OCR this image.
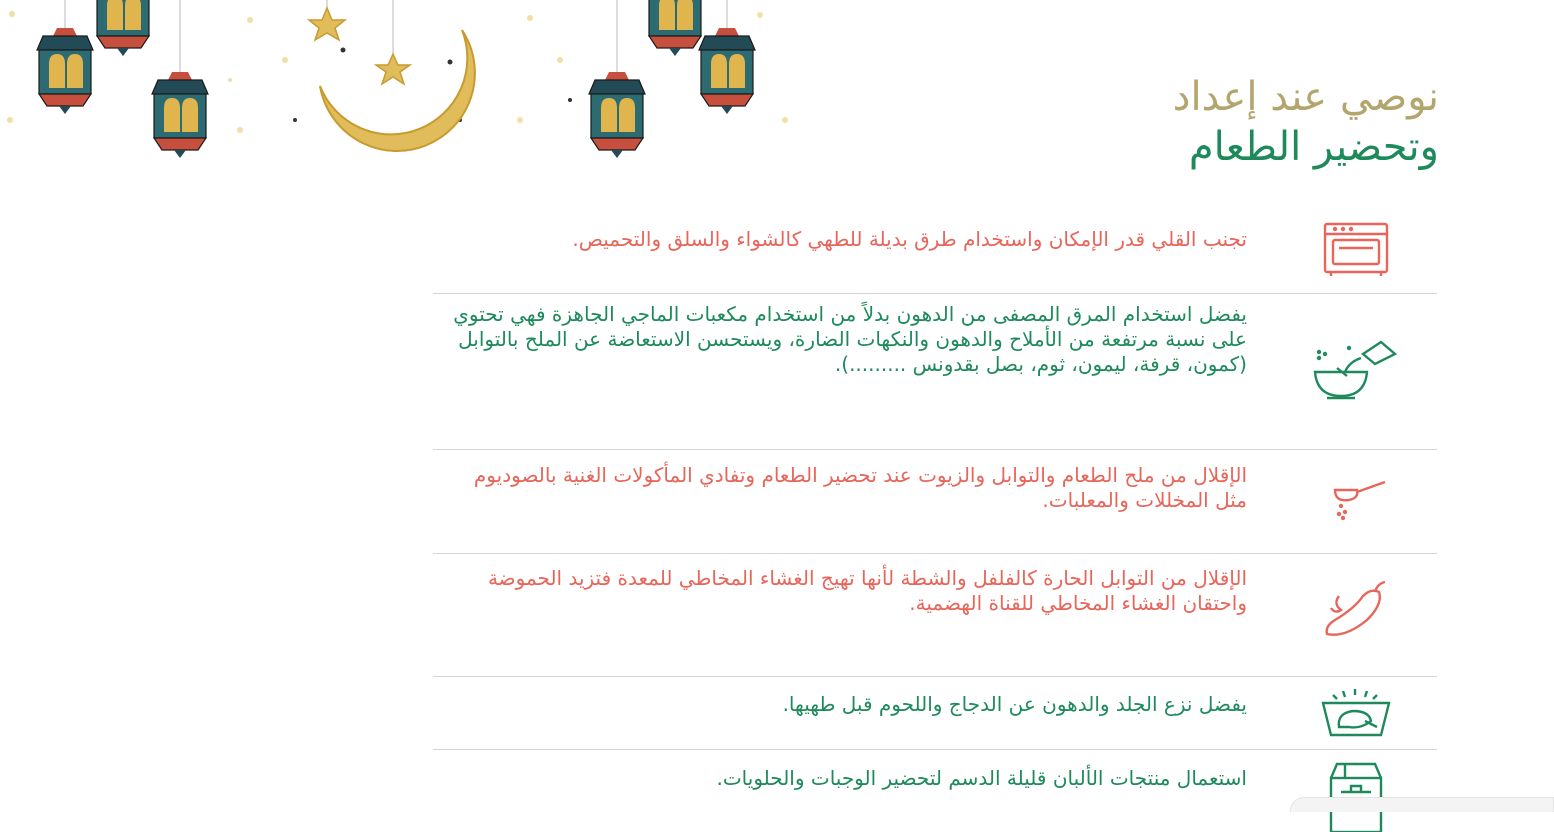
نوصي عند إعداد
وتحضير الطعام
تجنب القلي قدر الإمكان واستخدام طرق بديلة للطهي كالشواء والسلق والتحميص.
يفضل استخدام المرق المصفى من الدهون بدلاً من استخدام مكعبات الماجي الجاهزة فهي تحتوي على نسبة مرتفعة من الأملاح والدهون والنكهات الضارة، ويستحسن الاستعاضة عن الملح بالتوابل (كمون، قرفة، ليمون، ثوم، بصل بقدونس .........).
الإقلال من ملح الطعام والتوابل والزيوت عند تحضير الطعام وتفادي المأكولات الغنية بالصوديوم مثل المخللات والمعلبات.
الإقلال من التوابل الحارة كالفلفل والشطة لأنها تهيج الغشاء المخاطي للمعدة فتزيد الحموضة واحتقان الغشاء المخاطي للقناة الهضمية.
يفضل نزع الجلد والدهون عن الدجاج واللحوم قبل طهيها.
استعمال منتجات الألبان قليلة الدسم لتحضير الوجبات والحلويات.
